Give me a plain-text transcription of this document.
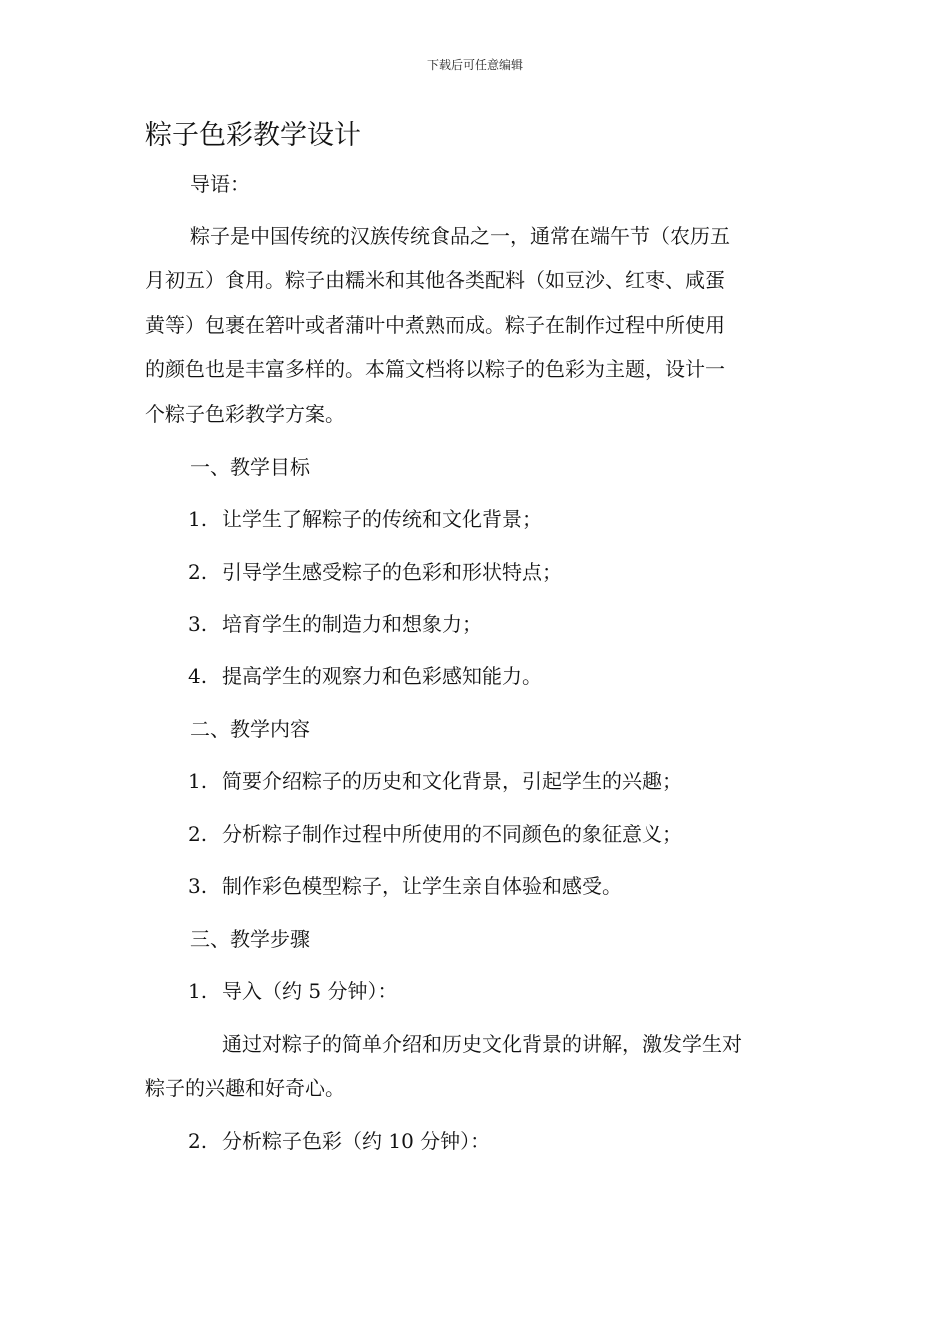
下载后可任意编辑
粽子色彩教学设计

导语：

粽子是中国传统的汉族传统食品之一，通常在端午节（农历五

月初五）食用。粽子由糯米和其他各类配料（如豆沙、红枣、咸蛋

黄等）包裹在箬叶或者蒲叶中煮熟而成。粽子在制作过程中所使用

的颜色也是丰富多样的。本篇文档将以粽子的色彩为主题，设计一

个粽子色彩教学方案。

一、教学目标

1. 让学生了解粽子的传统和文化背景；

2. 引导学生感受粽子的色彩和形状特点；

3. 培育学生的制造力和想象力；

4. 提高学生的观察力和色彩感知能力。

二、教学内容

1. 简要介绍粽子的历史和文化背景，引起学生的兴趣；

2. 分析粽子制作过程中所使用的不同颜色的象征意义；

3. 制作彩色模型粽子，让学生亲自体验和感受。

三、教学步骤

1. 导入（约 5 分钟）：

通过对粽子的简单介绍和历史文化背景的讲解，激发学生对

粽子的兴趣和好奇心。

2. 分析粽子色彩（约 10 分钟）：
